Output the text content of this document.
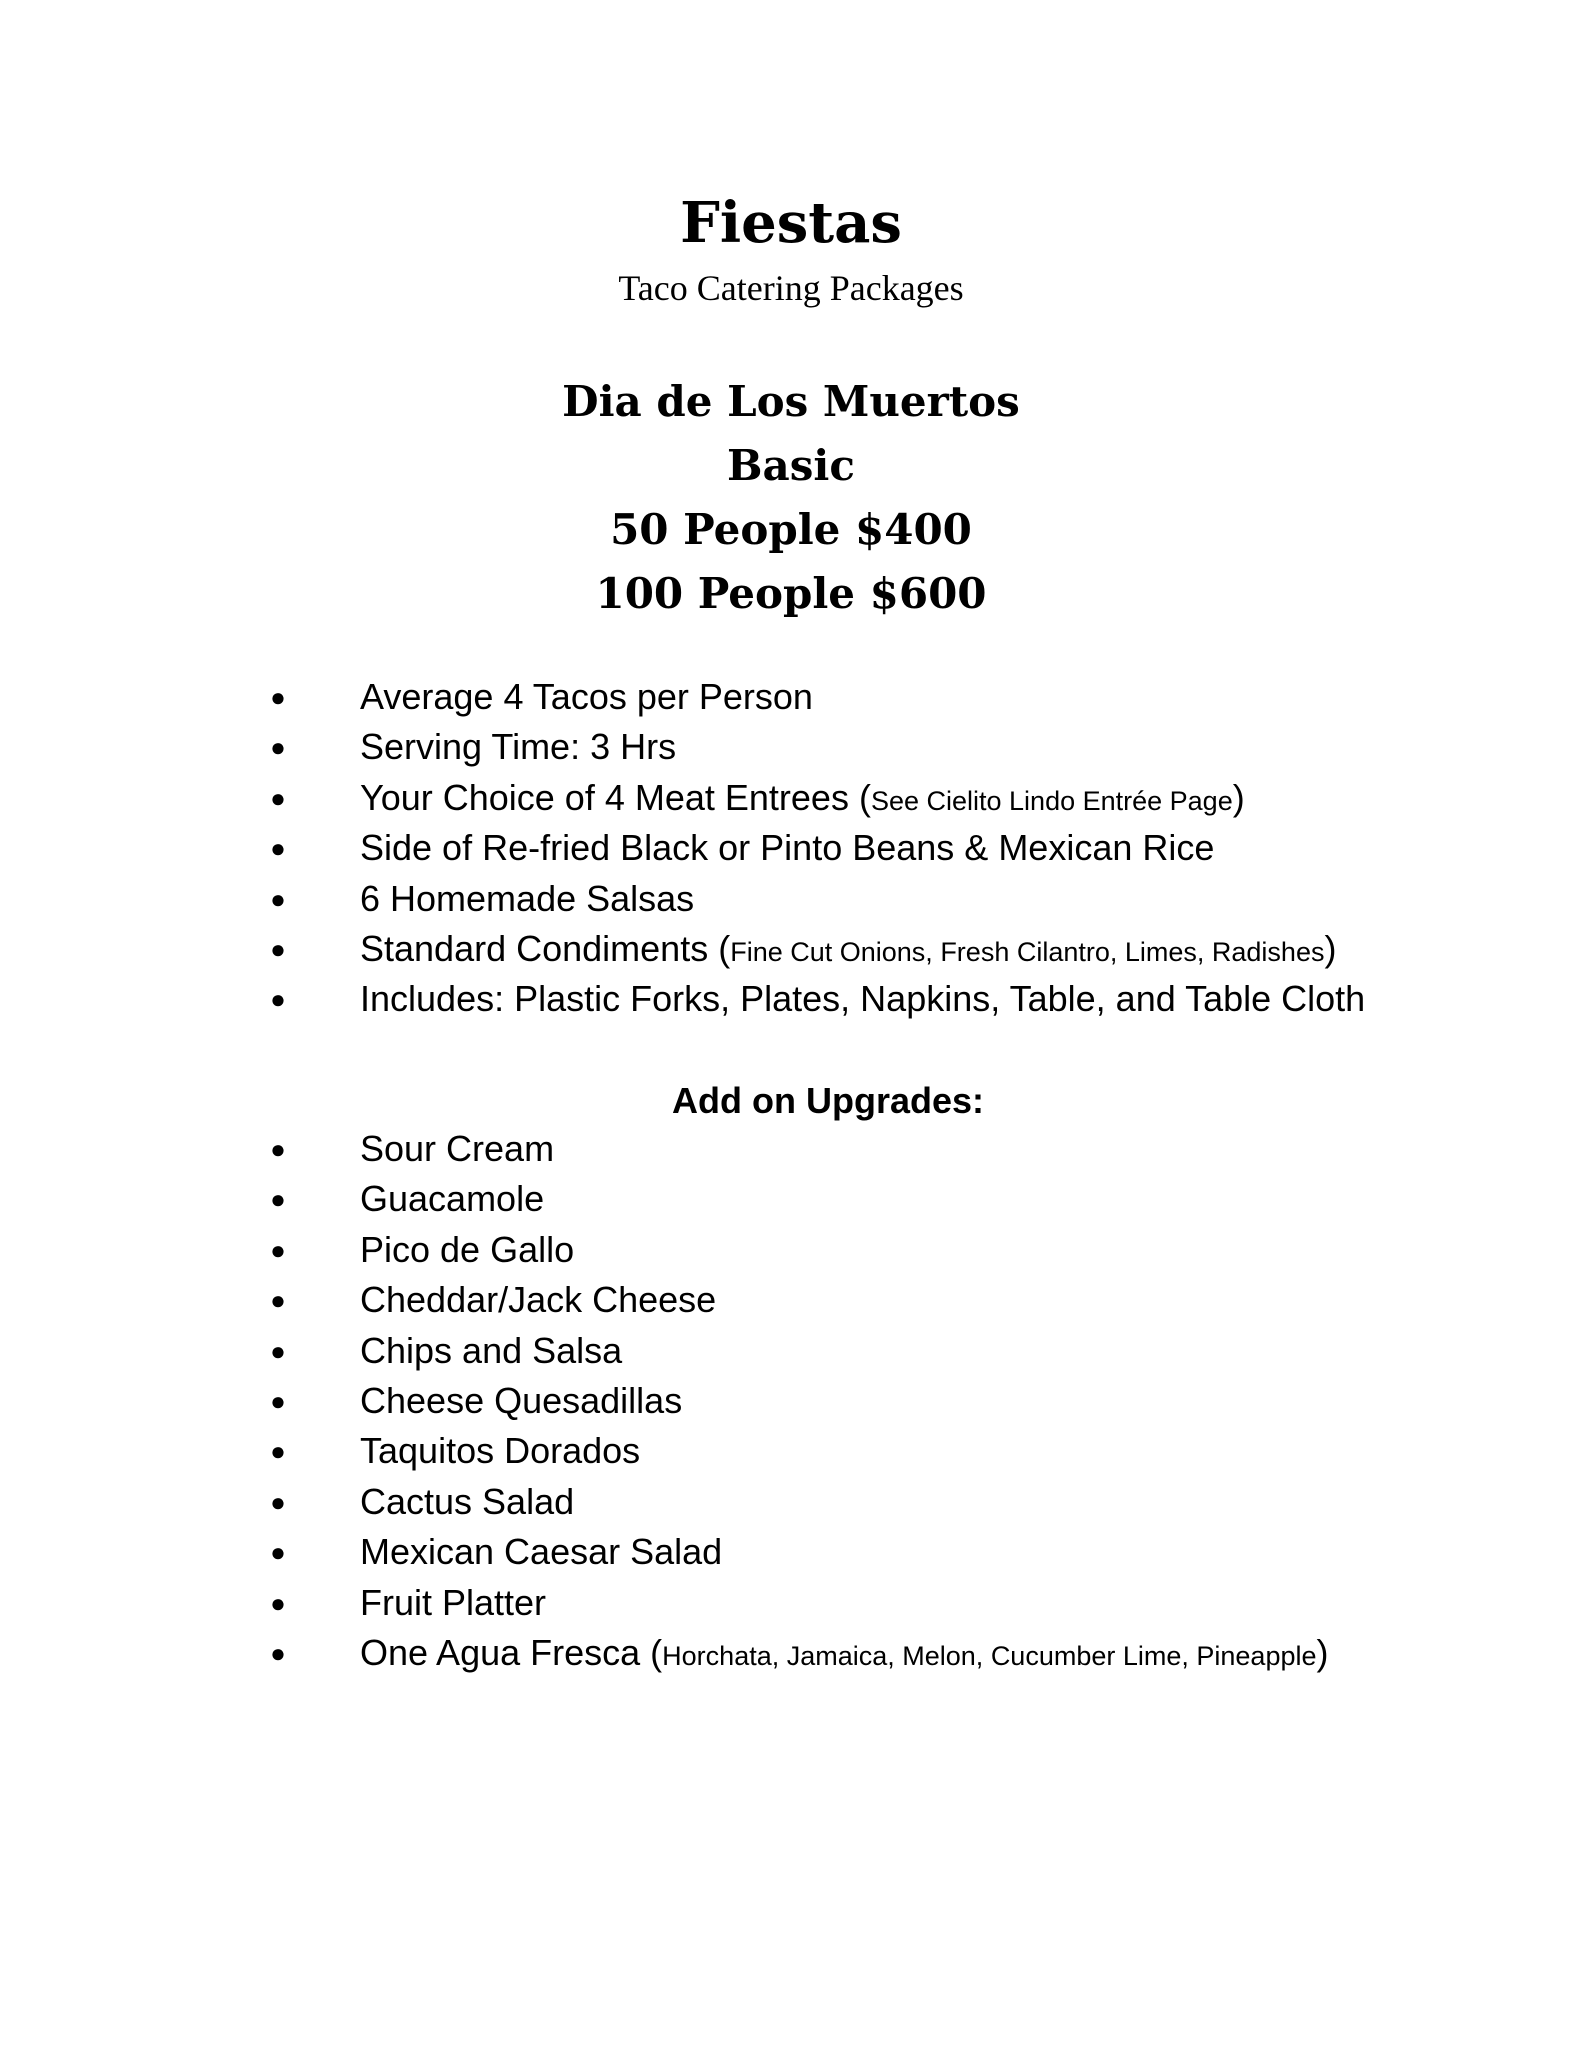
Fiestas
Taco Catering Packages
Dia de Los Muertos
Basic
50 People $400
100 People $600
● Average 4 Tacos per Person
● Serving Time: 3 Hrs
● Your Choice of 4 Meat Entrees (See Cielito Lindo Entrée Page)
● Side of Re-fried Black or Pinto Beans & Mexican Rice
● 6 Homemade Salsas
● Standard Condiments (Fine Cut Onions, Fresh Cilantro, Limes, Radishes)
● Includes: Plastic Forks, Plates, Napkins, Table, and Table Cloth
Add on Upgrades:
● Sour Cream
● Guacamole
● Pico de Gallo
● Cheddar/Jack Cheese
● Chips and Salsa
● Cheese Quesadillas
● Taquitos Dorados
● Cactus Salad
● Mexican Caesar Salad
● Fruit Platter
● One Agua Fresca (Horchata, Jamaica, Melon, Cucumber Lime, Pineapple)
